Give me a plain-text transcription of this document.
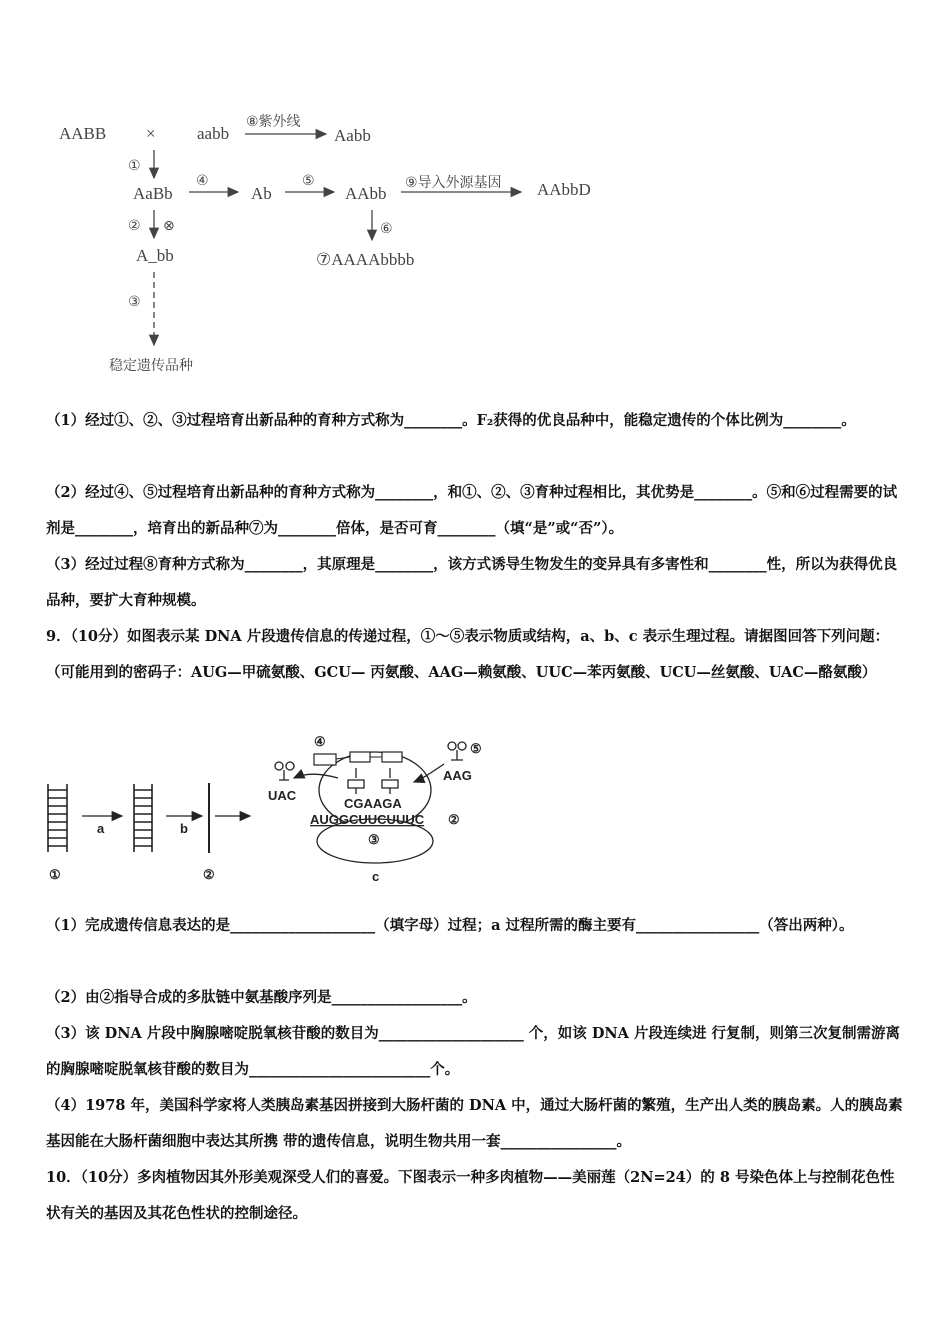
AABB × aabb
⑧紫外线
Aabb
①
AaBb
④
Ab
⑤
AAbb
⑨导入外源基因 AAbbD
② ⊗	⑥
A_bb	⑦AAAAbbbb
③
稳定遗传品种
（1）经过①、②、③过程培育出新品种的育种方式称为________。F₂获得的优良品种中，能稳定遗传的个体比例为________。
（2）经过④、⑤过程培育出新品种的育种方式称为________，和①、②、③育种过程相比，其优势是________。⑤和⑥过程需要的试剂是________，培育出的新品种⑦为________倍体，是否可育________（填“是”或“否”）。
（3）经过过程⑧育种方式称为________，其原理是________，该方式诱导生物发生的变异具有多害性和________性，所以为获得优良品种，要扩大育种规模。
9．（10分）如图表示某 DNA 片段遗传信息的传递过程，①～⑤表示物质或结构，a、b、c 表示生理过程。请据图回答下列问题：（可能用到的密码子：AUG—甲硫氨酸、GCU— 丙氨酸、AAG—赖氨酸、UUC—苯丙氨酸、UCU—丝氨酸、UAC—酪氨酸）
a	b
①	②
④
UAC
⑤
AAG
CGAAGA
AUGGCUUCUUUC ②
③
c
（1）完成遗传信息表达的是____________________（填字母）过程；a 过程所需的酶主要有_________________（答出两种）。
（2）由②指导合成的多肽链中氨基酸序列是__________________。
（3）该 DNA 片段中胸腺嘧啶脱氧核苷酸的数目为____________________ 个，如该 DNA 片段连续进 行复制，则第三次复制需游离的胸腺嘧啶脱氧核苷酸的数目为_________________________个。
（4）1978 年，美国科学家将人类胰岛素基因拼接到大肠杆菌的 DNA 中，通过大肠杆菌的繁殖，生产出人类的胰岛素。人的胰岛素基因能在大肠杆菌细胞中表达其所携 带的遗传信息，说明生物共用一套________________。
10．（10分）多肉植物因其外形美观深受人们的喜爱。下图表示一种多肉植物——美丽莲（2N=24）的 8 号染色体上与控制花色性状有关的基因及其花色性状的控制途径。
